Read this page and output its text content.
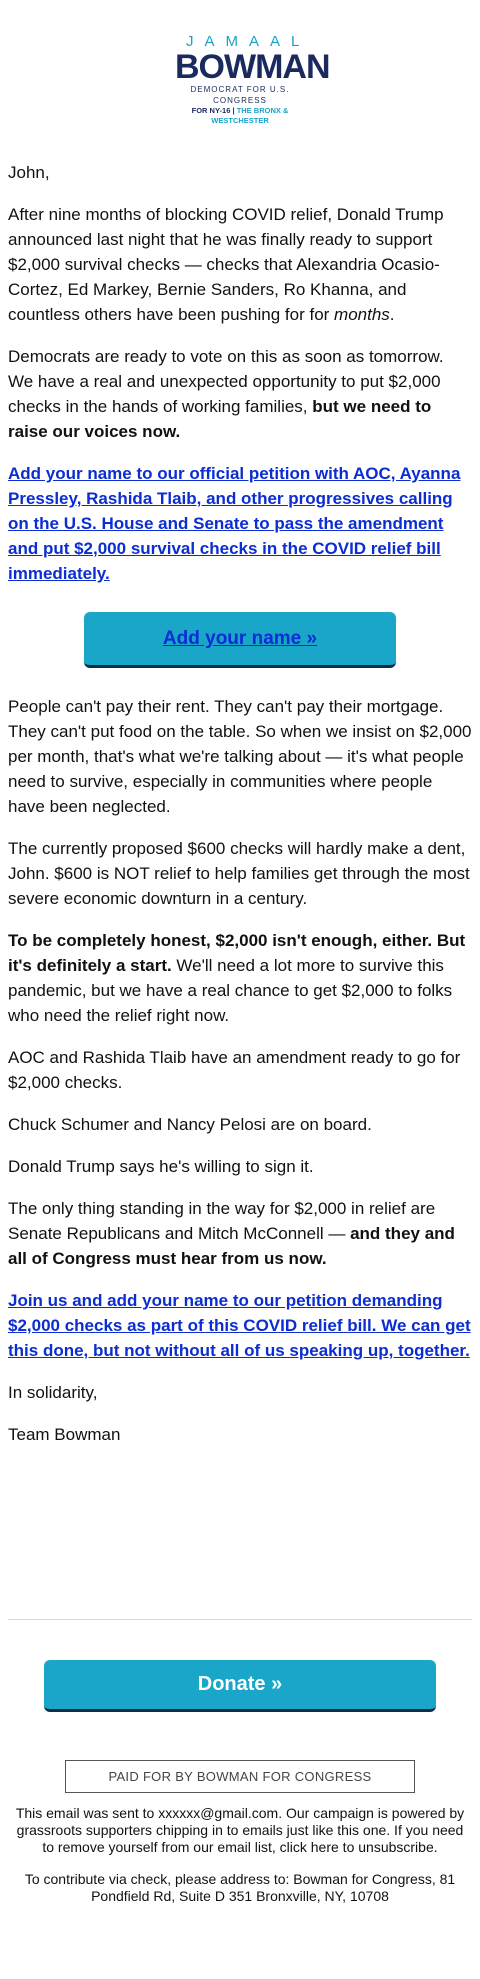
JAMAAL
BOWMAN
DEMOCRAT FOR U.S. CONGRESS
FOR NY-16 | THE BRONX & WESTCHESTER

John,

After nine months of blocking COVID relief, Donald Trump announced last night that he was finally ready to support $2,000 survival checks — checks that Alexandria Ocasio-Cortez, Ed Markey, Bernie Sanders, Ro Khanna, and countless others have been pushing for for months.

Democrats are ready to vote on this as soon as tomorrow. We have a real and unexpected opportunity to put $2,000 checks in the hands of working families, but we need to raise our voices now.

Add your name to our official petition with AOC, Ayanna Pressley, Rashida Tlaib, and other progressives calling on the U.S. House and Senate to pass the amendment and put $2,000 survival checks in the COVID relief bill immediately.

Add your name »

People can't pay their rent. They can't pay their mortgage. They can't put food on the table. So when we insist on $2,000 per month, that's what we're talking about — it's what people need to survive, especially in communities where people have been neglected.

The currently proposed $600 checks will hardly make a dent, John. $600 is NOT relief to help families get through the most severe economic downturn in a century.

To be completely honest, $2,000 isn't enough, either. But it's definitely a start. We'll need a lot more to survive this pandemic, but we have a real chance to get $2,000 to folks who need the relief right now.

AOC and Rashida Tlaib have an amendment ready to go for $2,000 checks.

Chuck Schumer and Nancy Pelosi are on board.

Donald Trump says he's willing to sign it.

The only thing standing in the way for $2,000 in relief are Senate Republicans and Mitch McConnell — and they and all of Congress must hear from us now.

Join us and add your name to our petition demanding $2,000 checks as part of this COVID relief bill. We can get this done, but not without all of us speaking up, together.

In solidarity,

Team Bowman

Donate »
PAID FOR BY BOWMAN FOR CONGRESS

This email was sent to xxxxxx@gmail.com. Our campaign is powered by grassroots supporters chipping in to emails just like this one. If you need to remove yourself from our email list, click here to unsubscribe.

To contribute via check, please address to: Bowman for Congress, 81 Pondfield Rd, Suite D 351 Bronxville, NY, 10708
